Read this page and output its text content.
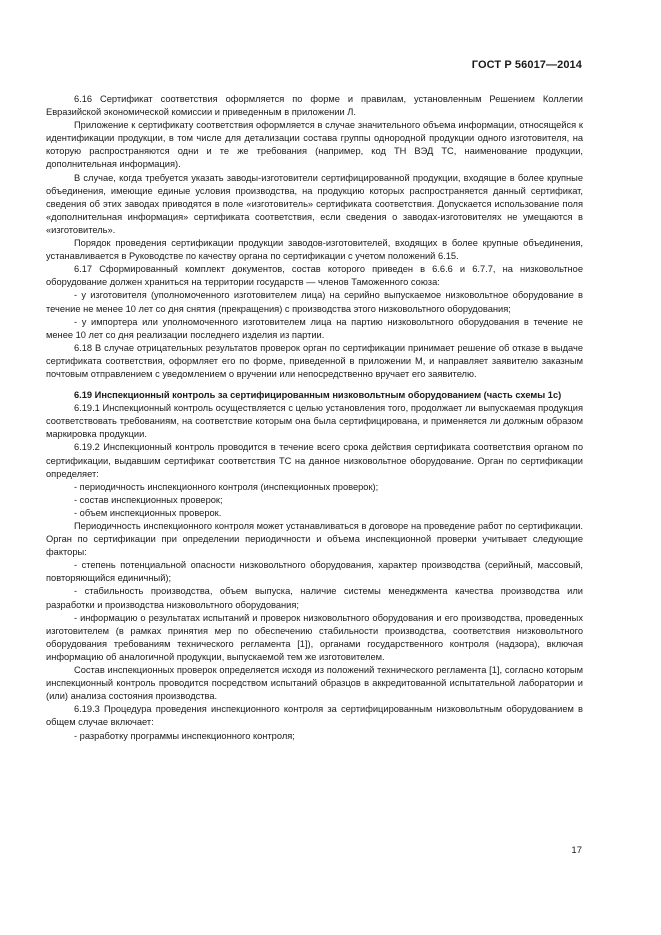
ГОСТ Р 56017—2014

6.16 Сертификат соответствия оформляется по форме и правилам, установленным Решением Коллегии Евразийской экономической комиссии и приведенным в приложении Л.

Приложение к сертификату соответствия оформляется в случае значительного объема информации, относящейся к идентификации продукции, в том числе для детализации состава группы однородной продукции одного изготовителя, на которую распространяются одни и те же требования (например, код ТН ВЭД ТС, наименование продукции, дополнительная информация).

В случае, когда требуется указать заводы-изготовители сертифицированной продукции, входящие в более крупные объединения, имеющие единые условия производства, на продукцию которых распространяется данный сертификат, сведения об этих заводах приводятся в поле «изготовитель» сертификата соответствия. Допускается использование поля «дополнительная информация» сертификата соответствия, если сведения о заводах-изготовителях не умещаются в «изготовитель».

Порядок проведения сертификации продукции заводов-изготовителей, входящих в более крупные объединения, устанавливается в Руководстве по качеству органа по сертификации с учетом положений 6.15.

6.17 Сформированный комплект документов, состав которого приведен в 6.6.6 и 6.7.7, на низковольтное оборудование должен храниться на территории государств — членов Таможенного союза:

- у изготовителя (уполномоченного изготовителем лица) на серийно выпускаемое низковольтное оборудование в течение не менее 10 лет со дня снятия (прекращения) с производства этого низковольтного оборудования;

- у импортера или уполномоченного изготовителем лица на партию низковольтного оборудования в течение не менее 10 лет со дня реализации последнего изделия из партии.

6.18 В случае отрицательных результатов проверок орган по сертификации принимает решение об отказе в выдаче сертификата соответствия, оформляет его по форме, приведенной в приложении М, и направляет заявителю заказным почтовым отправлением с уведомлением о вручении или непосредственно вручает его заявителю.

6.19 Инспекционный контроль за сертифицированным низковольтным оборудованием (часть схемы 1с)

6.19.1 Инспекционный контроль осуществляется с целью установления того, продолжает ли выпускаемая продукция соответствовать требованиям, на соответствие которым она была сертифицирована, и применяется ли должным образом маркировка продукции.

6.19.2 Инспекционный контроль проводится в течение всего срока действия сертификата соответствия органом по сертификации, выдавшим сертификат соответствия ТС на данное низковольтное оборудование. Орган по сертификации определяет:

- периодичность инспекционного контроля (инспекционных проверок);

- состав инспекционных проверок;

- объем инспекционных проверок.

Периодичность инспекционного контроля может устанавливаться в договоре на проведение работ по сертификации. Орган по сертификации при определении периодичности и объема инспекционной проверки учитывает следующие факторы:

- степень потенциальной опасности низковольтного оборудования, характер производства (серийный, массовый, повторяющийся единичный);

- стабильность производства, объем выпуска, наличие системы менеджмента качества производства или разработки и производства низковольтного оборудования;

- информацию о результатах испытаний и проверок низковольтного оборудования и его производства, проведенных изготовителем (в рамках принятия мер по обеспечению стабильности производства, соответствия низковольтного оборудования требованиям технического регламента [1]), органами государственного контроля (надзора), включая информацию об аналогичной продукции, выпускаемой тем же изготовителем.

Состав инспекционных проверок определяется исходя из положений технического регламента [1], согласно которым инспекционный контроль проводится посредством испытаний образцов в аккредитованной испытательной лаборатории и (или) анализа состояния производства.

6.19.3 Процедура проведения инспекционного контроля за сертифицированным низковольтным оборудованием в общем случае включает:

- разработку программы инспекционного контроля;

17
